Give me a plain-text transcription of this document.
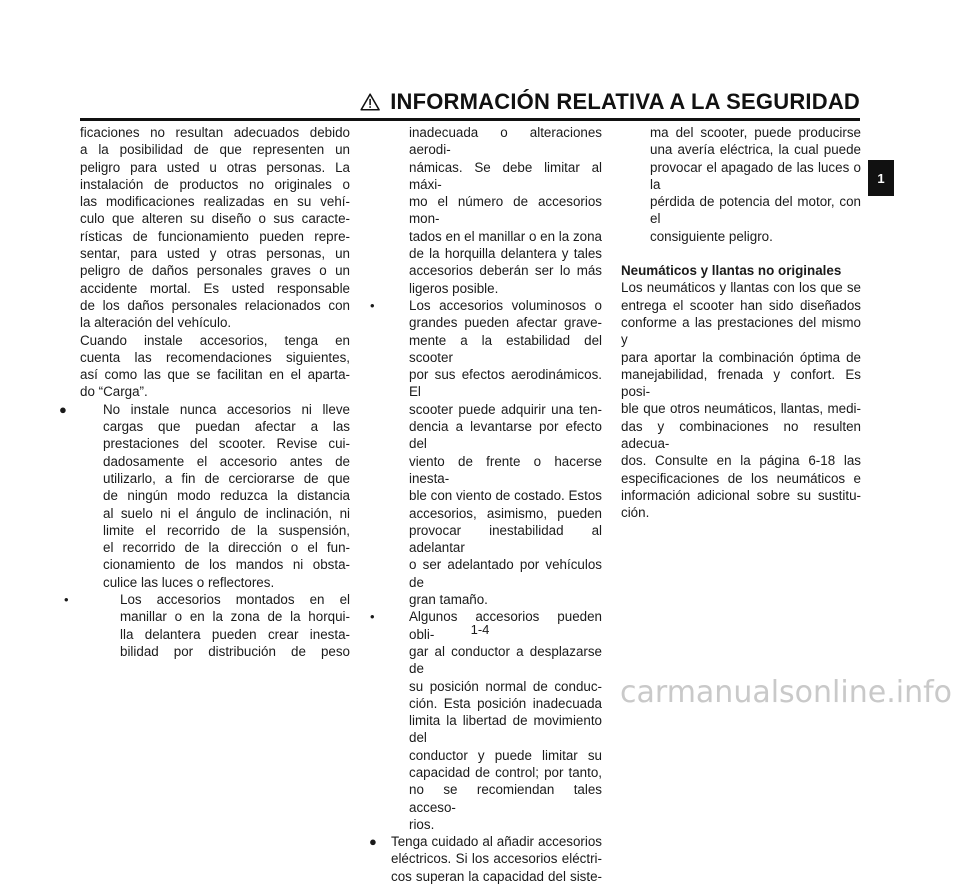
INFORMACIÓN RELATIVA A LA SEGURIDAD
1

ficaciones no resultan adecuados debido

a la posibilidad de que representen un

peligro para usted u otras personas. La

instalación de productos no originales o

las modificaciones realizadas en su vehí-

culo que alteren su diseño o sus caracte-

rísticas de funcionamiento pueden repre-

sentar, para usted y otras personas, un

peligro de daños personales graves o un

accidente mortal. Es usted responsable

de los daños personales relacionados con

la alteración del vehículo.

Cuando instale accesorios, tenga en

cuenta las recomendaciones siguientes,

así como las que se facilitan en el aparta-

do “Carga”.

●	No instale nunca accesorios ni lleve

cargas que puedan afectar a las

prestaciones del scooter. Revise cui-

dadosamente el accesorio antes de

utilizarlo, a fin de cerciorarse de que

de ningún modo reduzca la distancia

al suelo ni el ángulo de inclinación, ni

limite el recorrido de la suspensión,

el recorrido de la dirección o el fun-

cionamiento de los mandos ni obsta-

culice las luces o reflectores.

•	Los accesorios montados en el

manillar o en la zona de la horqui-

lla delantera pueden crear inesta-

bilidad por distribución de peso

inadecuada o alteraciones aerodi-

námicas. Se debe limitar al máxi-

mo el número de accesorios mon-

tados en el manillar o en la zona

de la horquilla delantera y tales

accesorios deberán ser lo más

ligeros posible.

•	Los accesorios voluminosos o

grandes pueden afectar grave-

mente a la estabilidad del scooter

por sus efectos aerodinámicos. El

scooter puede adquirir una ten-

dencia a levantarse por efecto del

viento de frente o hacerse inesta-

ble con viento de costado. Estos

accesorios, asimismo, pueden

provocar inestabilidad al adelantar

o ser adelantado por vehículos de

gran tamaño.

•	Algunos accesorios pueden obli-

gar al conductor a desplazarse de

su posición normal de conduc-

ción. Esta posición inadecuada

limita la libertad de movimiento del

conductor y puede limitar su

capacidad de control; por tanto,

no se recomiendan tales acceso-

rios.

● Tenga cuidado al añadir accesorios

eléctricos. Si los accesorios eléctri-

cos superan la capacidad del siste-

ma del scooter, puede producirse

una avería eléctrica, la cual puede

provocar el apagado de las luces o la

pérdida de potencia del motor, con el

consiguiente peligro.

Neumáticos y llantas no originales

Los neumáticos y llantas con los que se

entrega el scooter han sido diseñados

conforme a las prestaciones del mismo y

para aportar la combinación óptima de

manejabilidad, frenada y confort. Es posi-

ble que otros neumáticos, llantas, medi-

das y combinaciones no resulten adecua-

dos. Consulte en la página 6-18 las

especificaciones de los neumáticos e

información adicional sobre su sustitu-

ción.

1-4
carmanualsonline.info
